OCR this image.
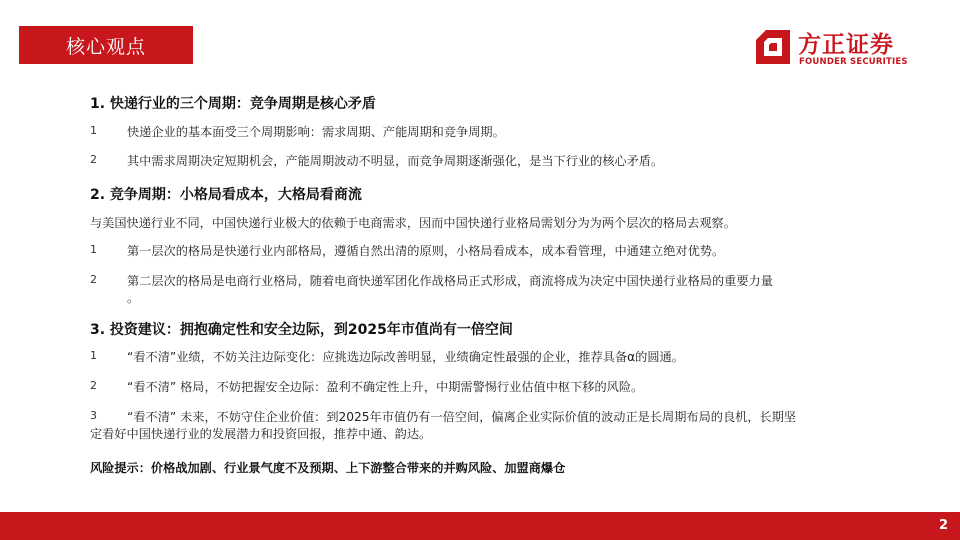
核心观点	方正证券
FOUNDER SECURITIES
1. 快递行业的三个周期：竞争周期是核心矛盾
1	快递企业的基本面受三个周期影响：需求周期、产能周期和竞争周期。
2	其中需求周期决定短期机会，产能周期波动不明显，而竞争周期逐渐强化，是当下行业的核心矛盾。
2. 竞争周期：小格局看成本，大格局看商流
与美国快递行业不同，中国快递行业极大的依赖于电商需求，因而中国快递行业格局需划分为为两个层次的格局去观察。
1	第一层次的格局是快递行业内部格局，遵循自然出清的原则，小格局看成本，成本看管理，中通建立绝对优势。
2	第二层次的格局是电商行业格局，随着电商快递军团化作战格局正式形成，商流将成为决定中国快递行业格局的重要力量
。
3. 投资建议：拥抱确定性和安全边际，到2025年市值尚有一倍空间
1	“看不清”业绩，不妨关注边际变化：应挑选边际改善明显，业绩确定性最强的企业，推荐具备α的圆通。
2	“看不清” 格局，不妨把握安全边际：盈利不确定性上升，中期需警惕行业估值中枢下移的风险。
3	“看不清” 未来，不妨守住企业价值：到2025年市值仍有一倍空间，偏离企业实际价值的波动正是长周期布局的良机，长期坚
定看好中国快递行业的发展潜力和投资回报，推荐中通、韵达。
风险提示：价格战加剧、行业景气度不及预期、上下游整合带来的并购风险、加盟商爆仓
2
